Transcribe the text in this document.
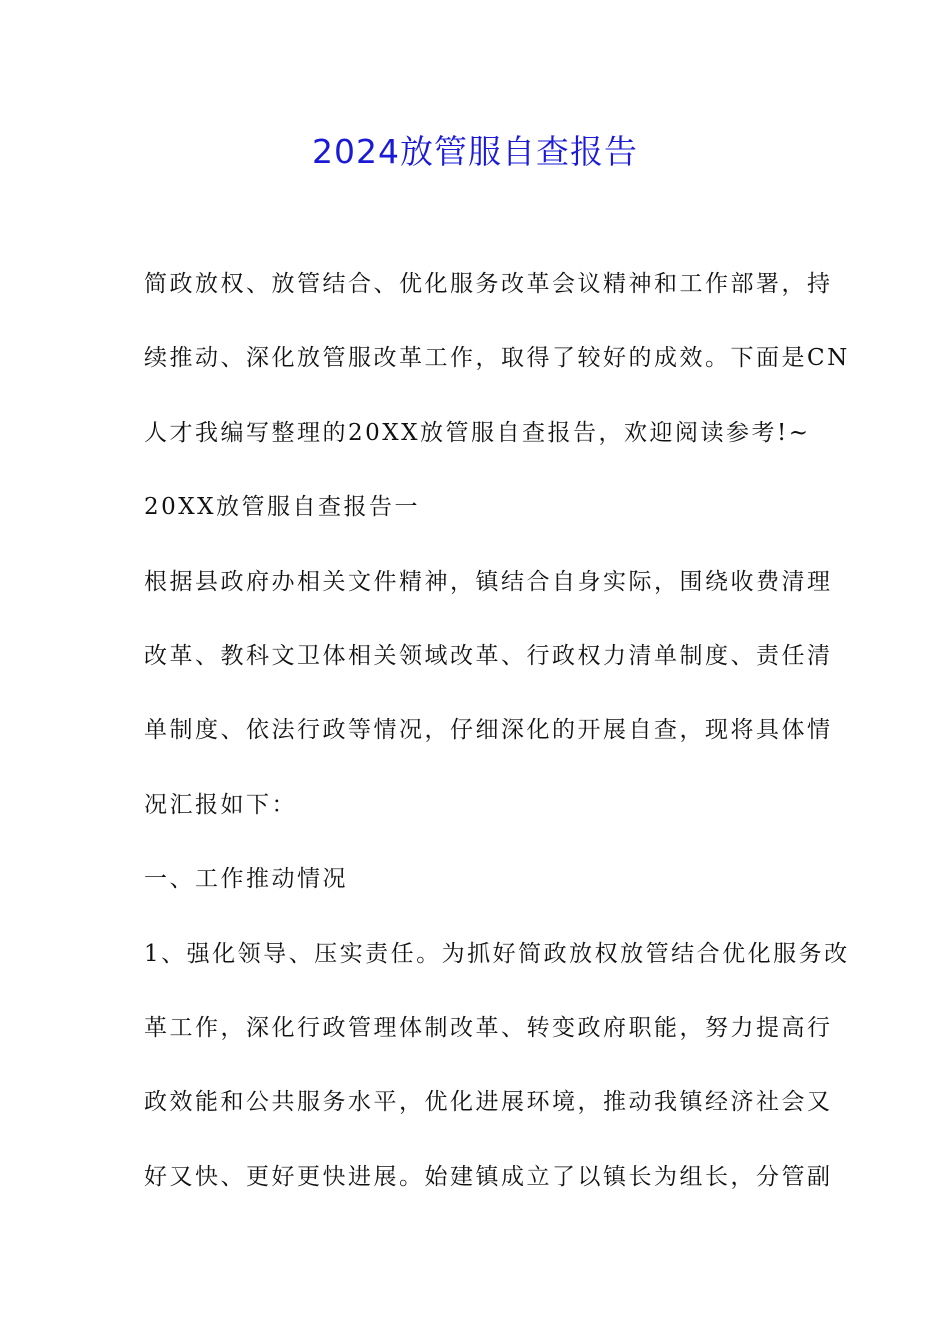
2024放管服自查报告
简政放权、放管结合、优化服务改革会议精神和工作部署，持
续推动、深化放管服改革工作，取得了较好的成效。下面是CN
人才我编写整理的20XX放管服自查报告，欢迎阅读参考!~
20XX放管服自查报告一
根据县政府办相关文件精神，镇结合自身实际，围绕收费清理
改革、教科文卫体相关领域改革、行政权力清单制度、责任清
单制度、依法行政等情况，仔细深化的开展自查，现将具体情
况汇报如下：
一、工作推动情况
1、强化领导、压实责任。为抓好简政放权放管结合优化服务改
革工作，深化行政管理体制改革、转变政府职能，努力提高行
政效能和公共服务水平，优化进展环境，推动我镇经济社会又
好又快、更好更快进展。始建镇成立了以镇长为组长，分管副
